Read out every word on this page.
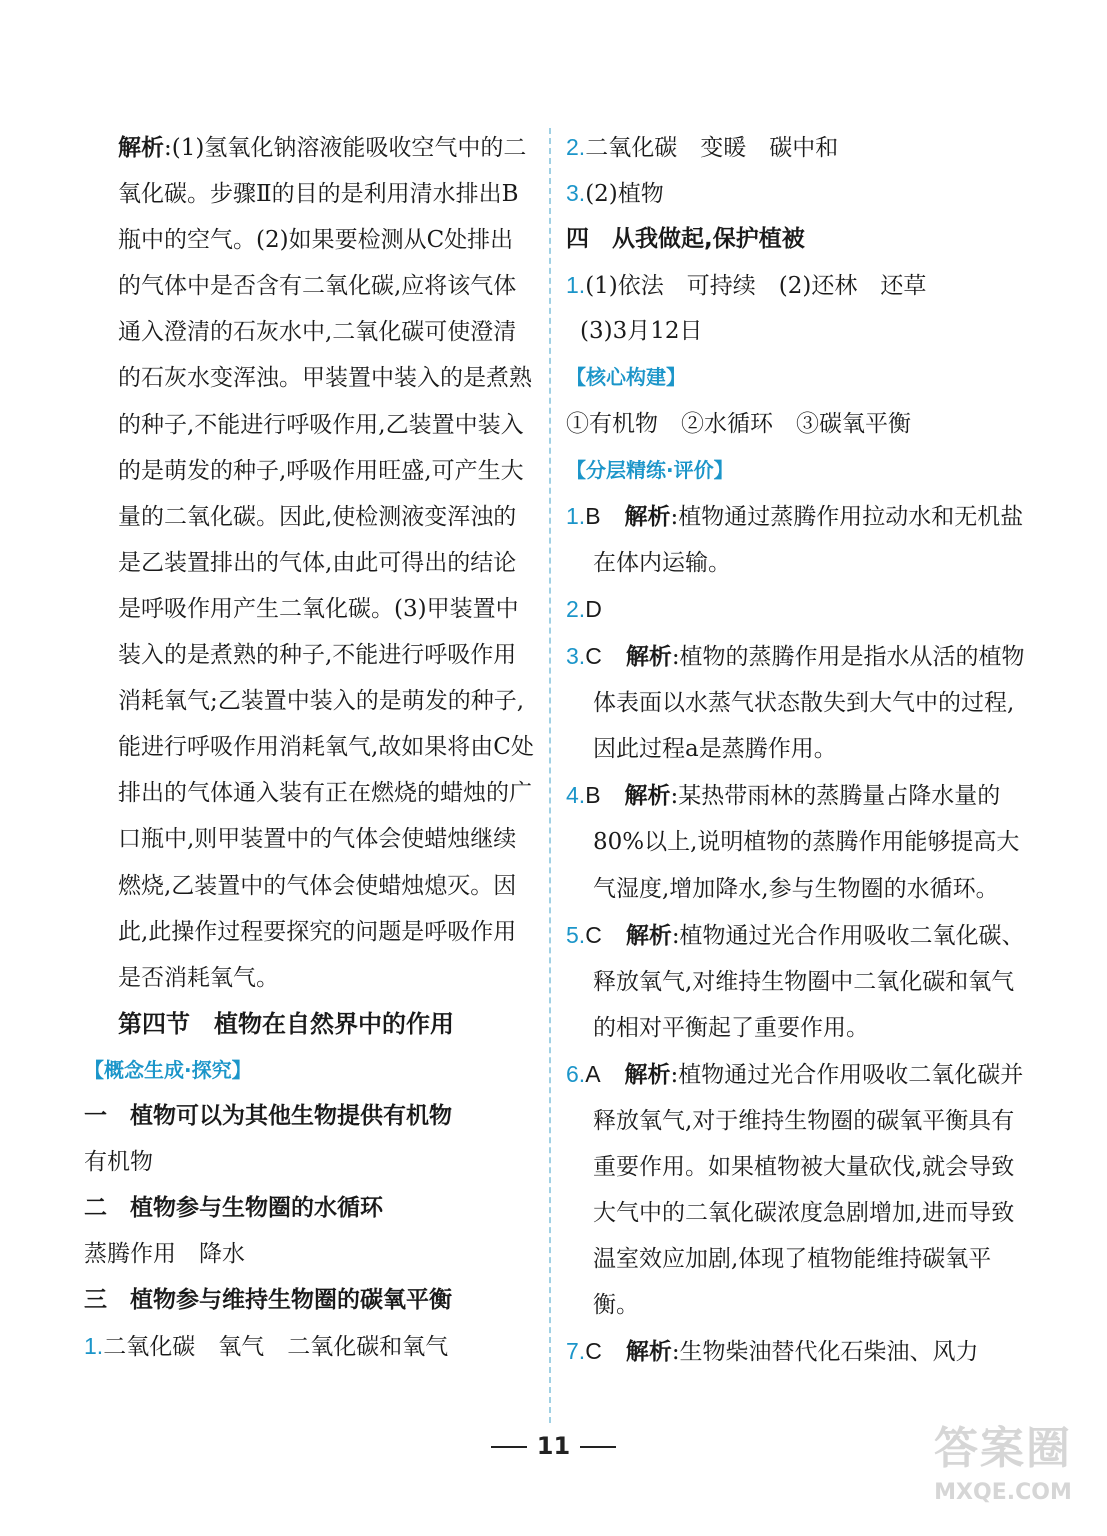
解析:(1)氢氧化钠溶液能吸收空气中的二氧化碳。步骤Ⅱ的目的是利用清水排出B瓶中的空气。(2)如果要检测从C处排出的气体中是否含有二氧化碳,应将该气体通入澄清的石灰水中,二氧化碳可使澄清的石灰水变浑浊。甲装置中装入的是煮熟的种子,不能进行呼吸作用,乙装置中装入的是萌发的种子,呼吸作用旺盛,可产生大量的二氧化碳。因此,使检测液变浑浊的是乙装置排出的气体,由此可得出的结论是呼吸作用产生二氧化碳。(3)甲装置中装入的是煮熟的种子,不能进行呼吸作用消耗氧气;乙装置中装入的是萌发的种子,能进行呼吸作用消耗氧气,故如果将由C处排出的气体通入装有正在燃烧的蜡烛的广口瓶中,则甲装置中的气体会使蜡烛继续燃烧,乙装置中的气体会使蜡烛熄灭。因此,此操作过程要探究的问题是呼吸作用是否消耗氧气。

第四节　植物在自然界中的作用
【概念生成·探究】
一　植物可以为其他生物提供有机物
有机物
二　植物参与生物圈的水循环
蒸腾作用　降水
三　植物参与维持生物圈的碳氧平衡
1.二氧化碳　氧气　二氧化碳和氧气
2.二氧化碳　变暖　碳中和
3.(2)植物
四　从我做起,保护植被
1.(1)依法　可持续　(2)还林　还草
(3)3月12日
【核心构建】
①有机物　②水循环　③碳氧平衡
【分层精练·评价】

1.B 解析:植物通过蒸腾作用拉动水和无机盐在体内运输。

2.D

3.C 解析:植物的蒸腾作用是指水从活的植物体表面以水蒸气状态散失到大气中的过程,因此过程a是蒸腾作用。

4.B 解析:某热带雨林的蒸腾量占降水量的80%以上,说明植物的蒸腾作用能够提高大气湿度,增加降水,参与生物圈的水循环。

5.C 解析:植物通过光合作用吸收二氧化碳、释放氧气,对维持生物圈中二氧化碳和氧气的相对平衡起了重要作用。

6.A 解析:植物通过光合作用吸收二氧化碳并释放氧气,对于维持生物圈的碳氧平衡具有重要作用。如果植物被大量砍伐,就会导致大气中的二氧化碳浓度急剧增加,进而导致温室效应加剧,体现了植物能维持碳氧平衡。

7.C 解析:生物柴油替代化石柴油、风力

11	答案圈
MXQE.COM
